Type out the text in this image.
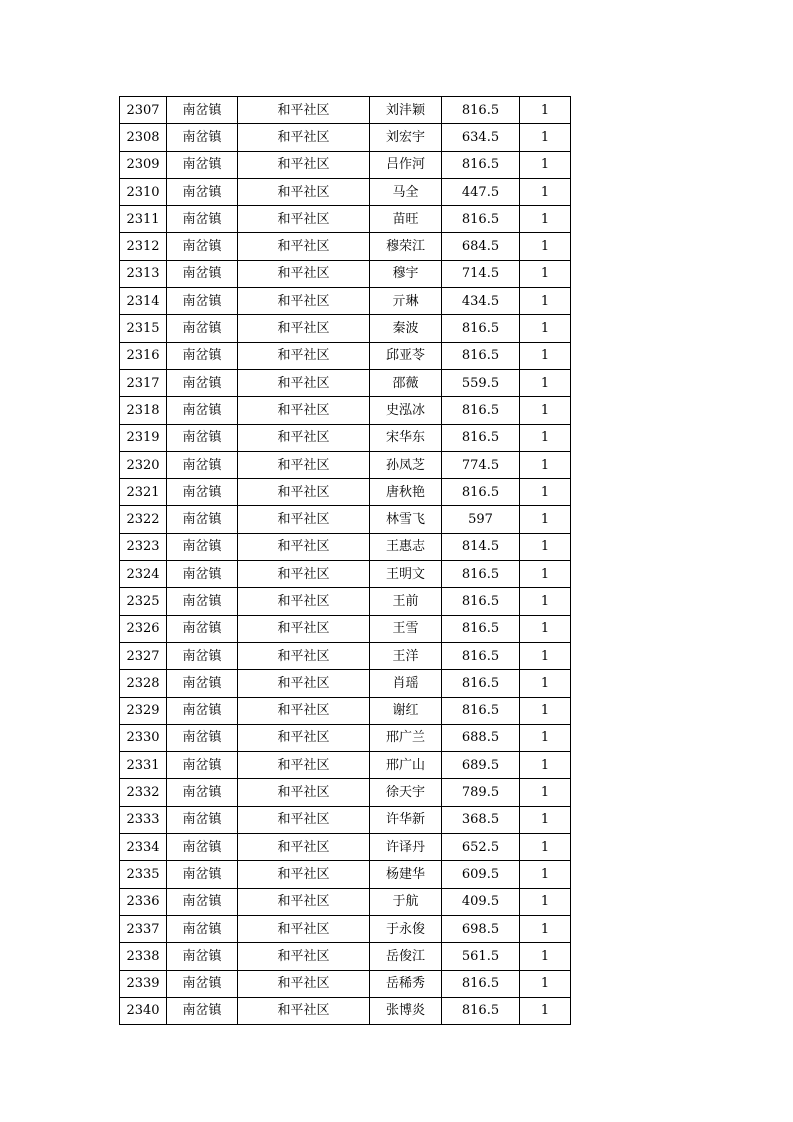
2307	南岔镇	和平社区	刘沣颖	816.5	1
2308	南岔镇	和平社区	刘宏宇	634.5	1
2309	南岔镇	和平社区	吕作河	816.5	1
2310	南岔镇	和平社区	马全	447.5	1
2311	南岔镇	和平社区	苗旺	816.5	1
2312	南岔镇	和平社区	穆荣江	684.5	1
2313	南岔镇	和平社区	穆宇	714.5	1
2314	南岔镇	和平社区	亓琳	434.5	1
2315	南岔镇	和平社区	秦波	816.5	1
2316	南岔镇	和平社区	邱亚苓	816.5	1
2317	南岔镇	和平社区	邵薇	559.5	1
2318	南岔镇	和平社区	史泓冰	816.5	1
2319	南岔镇	和平社区	宋华东	816.5	1
2320	南岔镇	和平社区	孙凤芝	774.5	1
2321	南岔镇	和平社区	唐秋艳	816.5	1
2322	南岔镇	和平社区	林雪飞	597	1
2323	南岔镇	和平社区	王惠志	814.5	1
2324	南岔镇	和平社区	王明文	816.5	1
2325	南岔镇	和平社区	王前	816.5	1
2326	南岔镇	和平社区	王雪	816.5	1
2327	南岔镇	和平社区	王洋	816.5	1
2328	南岔镇	和平社区	肖瑶	816.5	1
2329	南岔镇	和平社区	谢红	816.5	1
2330	南岔镇	和平社区	邢广兰	688.5	1
2331	南岔镇	和平社区	邢广山	689.5	1
2332	南岔镇	和平社区	徐天宇	789.5	1
2333	南岔镇	和平社区	许华新	368.5	1
2334	南岔镇	和平社区	许译丹	652.5	1
2335	南岔镇	和平社区	杨建华	609.5	1
2336	南岔镇	和平社区	于航	409.5	1
2337	南岔镇	和平社区	于永俊	698.5	1
2338	南岔镇	和平社区	岳俊江	561.5	1
2339	南岔镇	和平社区	岳稀秀	816.5	1
2340	南岔镇	和平社区	张博炎	816.5	1
